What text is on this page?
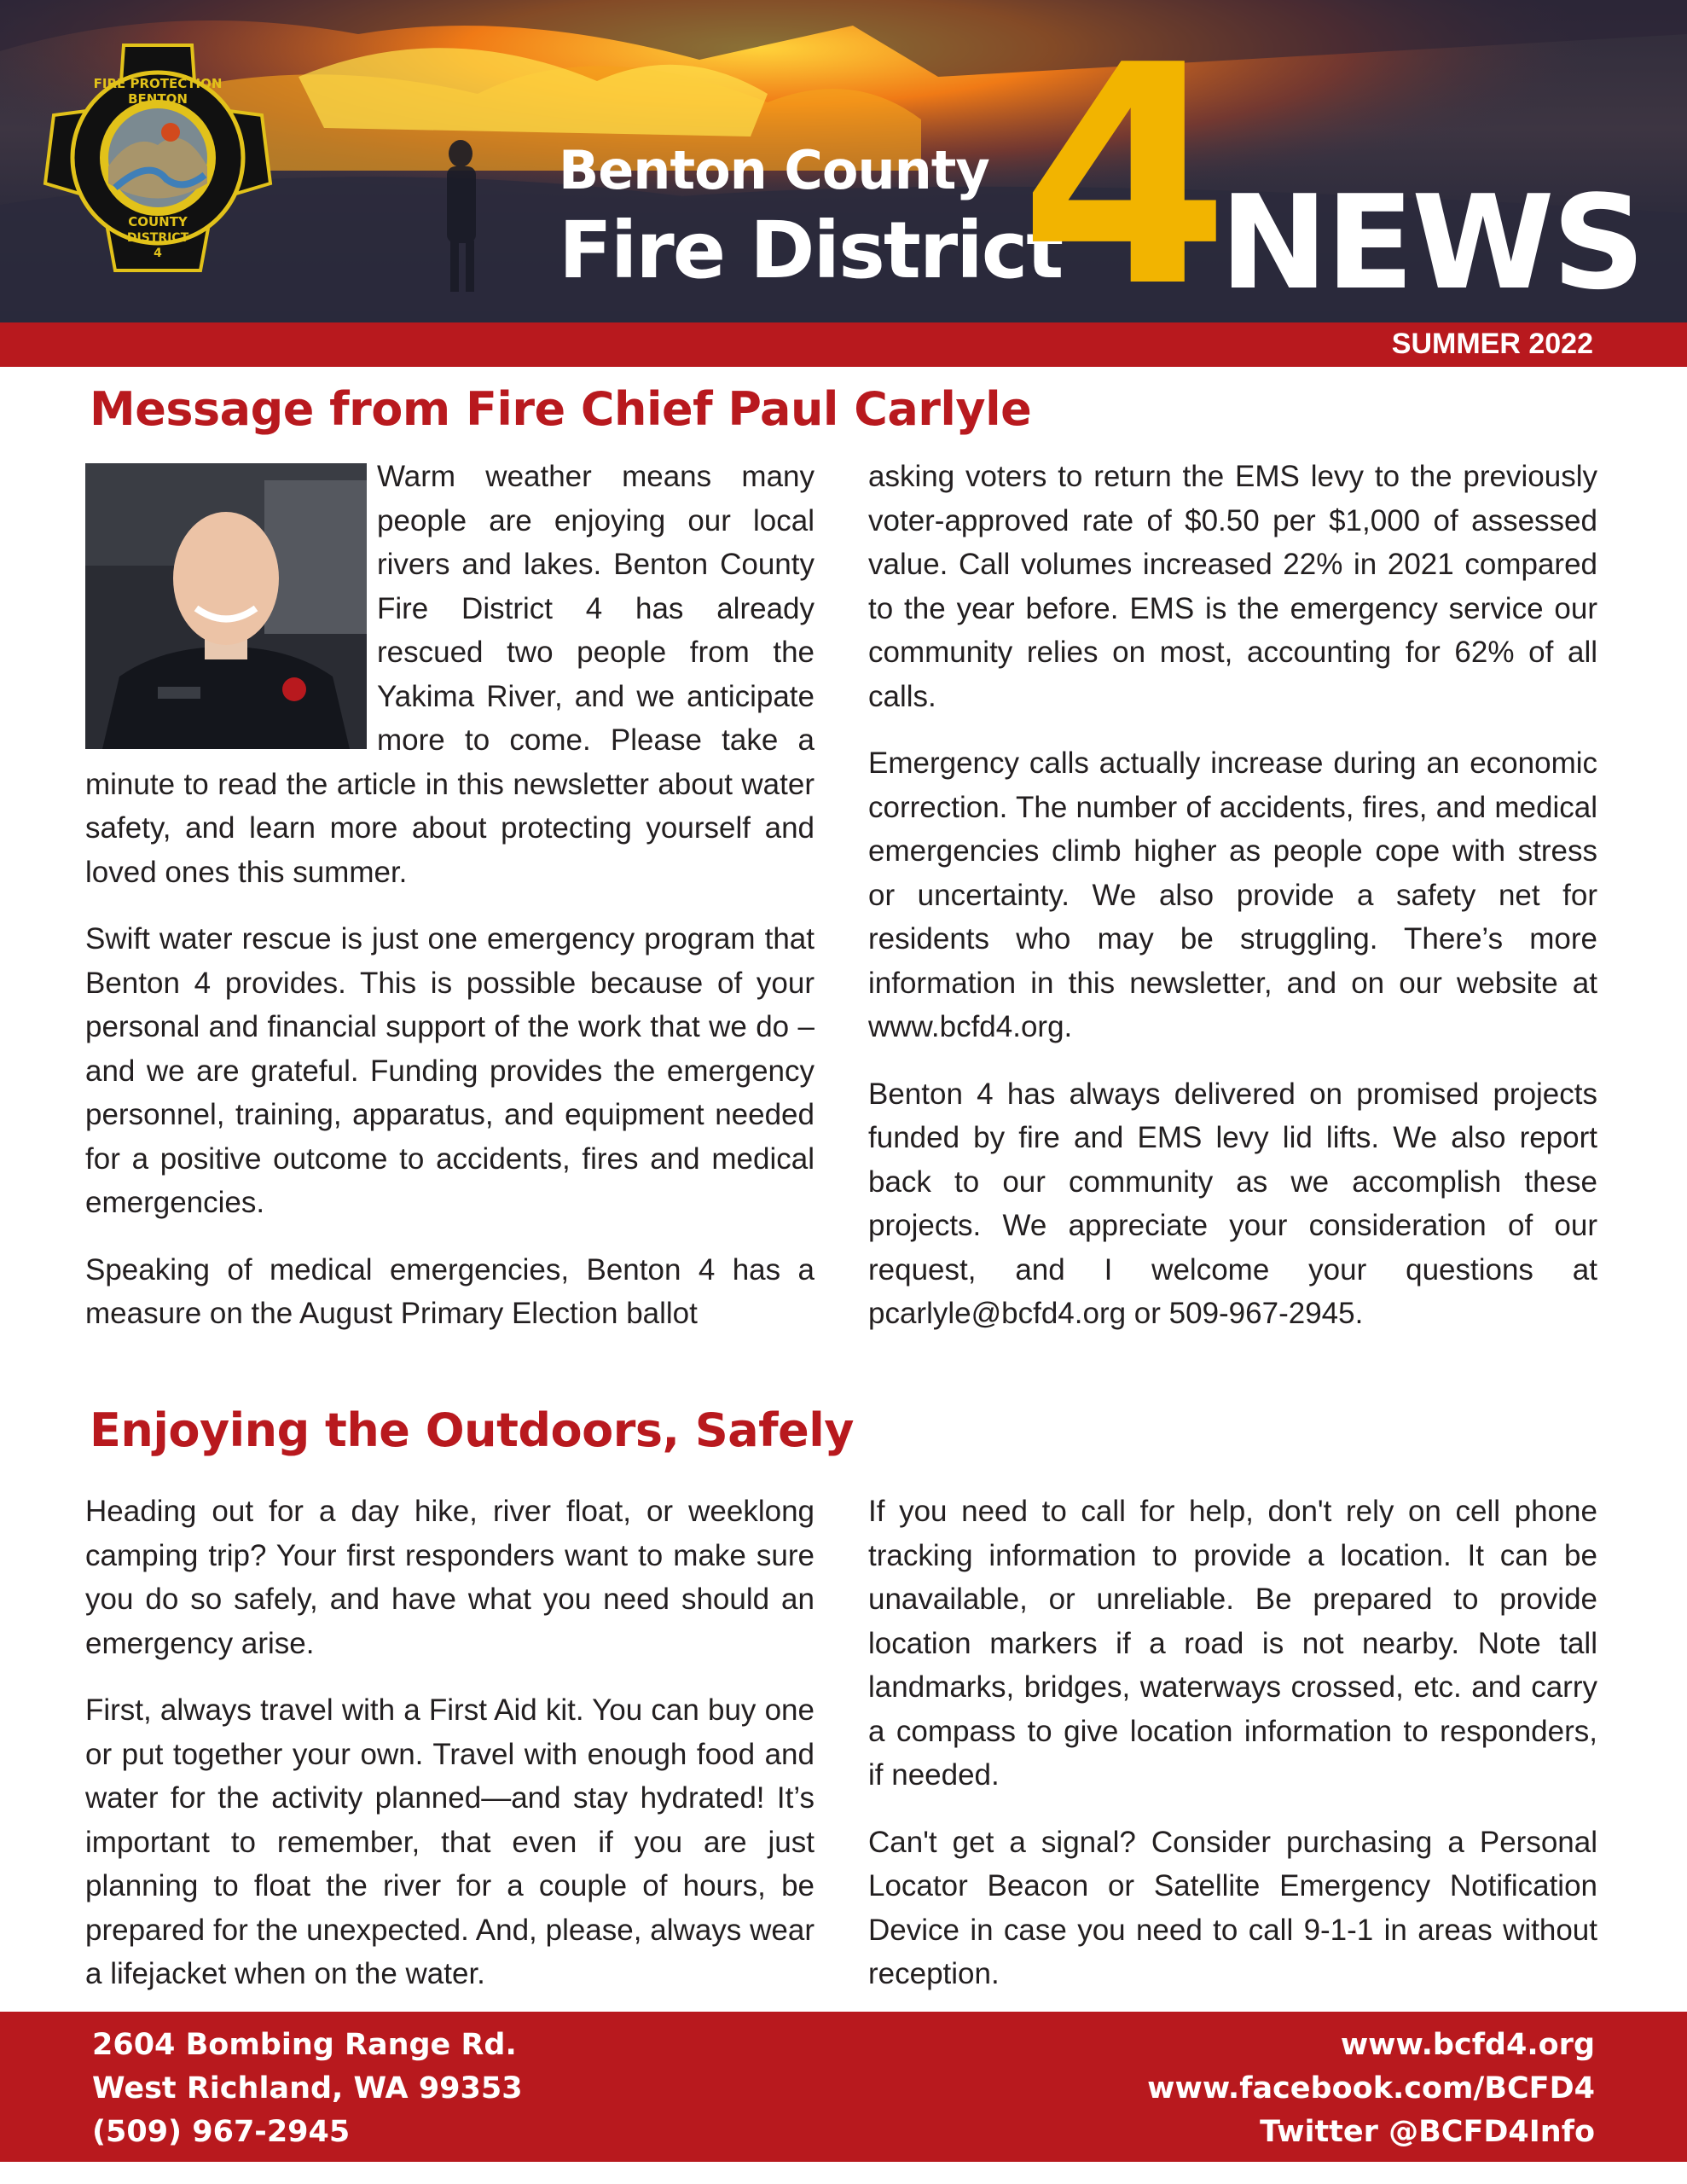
FIRE PROTECTION
BENTON
COUNTY
DISTRICT
4
Benton County
Fire District
4
NEWS
SUMMER 2022
Message from Fire Chief Paul Carlyle

Warm weather means many people are enjoying our local rivers and lakes. Benton County Fire District 4 has already rescued two people from the Yakima River, and we anticipate more to come. Please take a minute to read the article in this newsletter about water safety, and learn more about protecting yourself and loved ones this summer.

Swift water rescue is just one emergency program that Benton 4 provides. This is possible because of your personal and financial support of the work that we do – and we are grateful. Funding provides the emergency personnel, training, apparatus, and equipment needed for a positive outcome to accidents, fires and medical emergencies.

Speaking of medical emergencies, Benton 4 has a measure on the August Primary Election ballot

asking voters to return the EMS levy to the previously voter-approved rate of $0.50 per $1,000 of assessed value. Call volumes increased 22% in 2021 compared to the year before. EMS is the emergency service our community relies on most, accounting for 62% of all calls.

Emergency calls actually increase during an economic correction. The number of accidents, fires, and medical emergencies climb higher as people cope with stress or uncertainty. We also provide a safety net for residents who may be struggling. There’s more information in this newsletter, and on our website at www.bcfd4.org.

Benton 4 has always delivered on promised projects funded by fire and EMS levy lid lifts. We also report back to our community as we accomplish these projects. We appreciate your consideration of our request, and I welcome your questions at pcarlyle@bcfd4.org or 509-967-2945.

Enjoying the Outdoors, Safely

Heading out for a day hike, river float, or weeklong camping trip? Your first responders want to make sure you do so safely, and have what you need should an emergency arise.

First, always travel with a First Aid kit. You can buy one or put together your own. Travel with enough food and water for the activity planned—and stay hydrated! It’s important to remember, that even if you are just planning to float the river for a couple of hours, be prepared for the unexpected. And, please, always wear a lifejacket when on the water.

If you need to call for help, don't rely on cell phone tracking information to provide a location. It can be unavailable, or unreliable. Be prepared to provide location markers if a road is not nearby. Note tall landmarks, bridges, waterways crossed, etc. and carry a compass to give location information to responders, if needed.

Can't get a signal? Consider purchasing a Personal Locator Beacon or Satellite Emergency Notification Device in case you need to call 9-1-1 in areas without reception.

2604 Bombing Range Rd.
West Richland, WA 99353
(509) 967-2945
www.bcfd4.org
www.facebook.com/BCFD4
Twitter @BCFD4Info
